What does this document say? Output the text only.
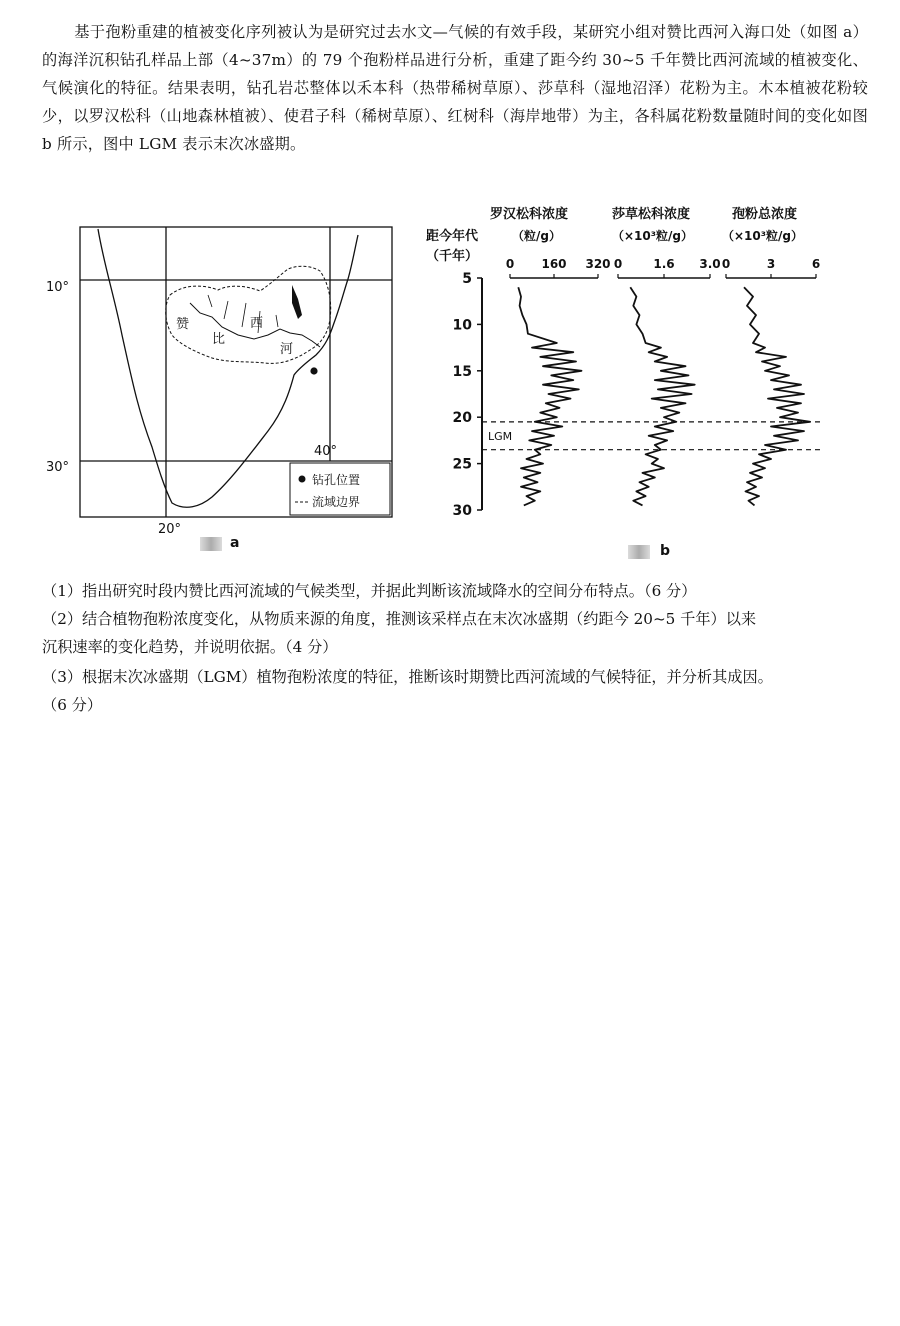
基于孢粉重建的植被变化序列被认为是研究过去水文—气候的有效手段，某研究小组对赞比西河入海口处（如图 a）的海洋沉积钻孔样品上部（4~37m）的 79 个孢粉样品进行分析，重建了距今约 30~5 千年赞比西河流域的植被变化、气候演化的特征。结果表明，钻孔岩芯整体以禾本科（热带稀树草原）、莎草科（湿地沼泽）花粉为主。木本植被花粉较少，以罗汉松科（山地森林植被）、使君子科（稀树草原）、红树科（海岸地带）为主，各科属花粉数量随时间的变化如图 b 所示，图中 LGM 表示末次冰盛期。
赞
比
西
河
10°
30°
20°
40°
钻孔位置
流域边界
a
罗汉松科浓度
（粒/g）
莎草松科浓度
（×10³粒/g）
孢粉总浓度
（×10³粒/g）
距今年代
（千年）
5
10
15
20
25
30
0 160 320 0	1.6 3.0 0	3	6
LGM
b
（1）指出研究时段内赞比西河流域的气候类型，并据此判断该流域降水的空间分布特点。（6 分）
（2）结合植物孢粉浓度变化，从物质来源的角度，推测该采样点在末次冰盛期（约距今 20~5 千年）以来
沉积速率的变化趋势，并说明依据。（4 分）
（3）根据末次冰盛期（LGM）植物孢粉浓度的特征，推断该时期赞比西河流域的气候特征，并分析其成因。
（6 分）
